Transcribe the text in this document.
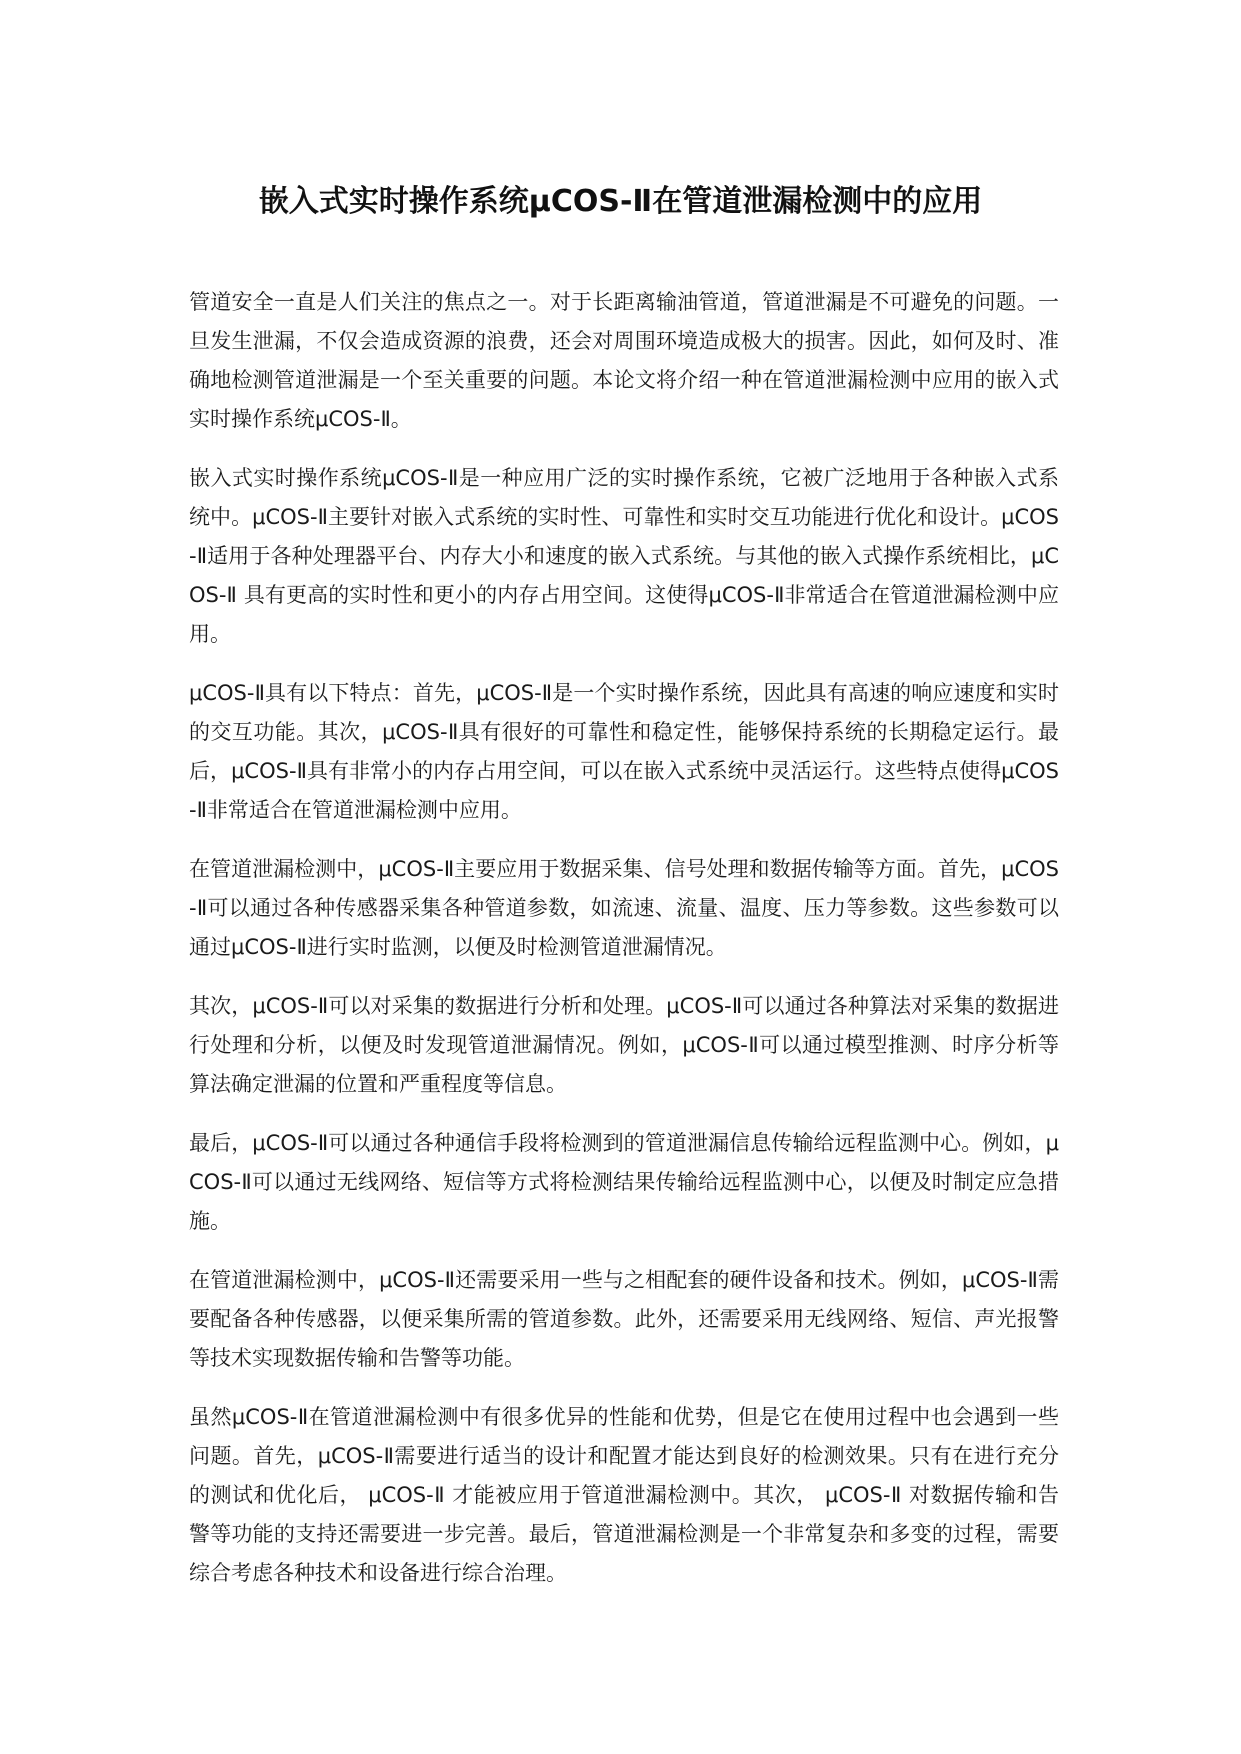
嵌入式实时操作系统μCOS-Ⅱ在管道泄漏检测中的应用

管道安全一直是人们关注的焦点之一。对于长距离输油管道，管道泄漏是不可避免的问题。一旦发生泄漏，不仅会造成资源的浪费，还会对周围环境造成极大的损害。因此，如何及时、准确地检测管道泄漏是一个至关重要的问题。本论文将介绍一种在管道泄漏检测中应用的嵌入式实时操作系统μCOS-Ⅱ。

嵌入式实时操作系统μCOS-Ⅱ是一种应用广泛的实时操作系统，它被广泛地用于各种嵌入式系统中。μCOS-Ⅱ主要针对嵌入式系统的实时性、可靠性和实时交互功能进行优化和设计。μCOS-Ⅱ适用于各种处理器平台、内存大小和速度的嵌入式系统。与其他的嵌入式操作系统相比，μCOS-Ⅱ 具有更高的实时性和更小的内存占用空间。这使得μCOS-Ⅱ非常适合在管道泄漏检测中应用。

μCOS-Ⅱ具有以下特点：首先，μCOS-Ⅱ是一个实时操作系统，因此具有高速的响应速度和实时的交互功能。其次，μCOS-Ⅱ具有很好的可靠性和稳定性，能够保持系统的长期稳定运行。最后，μCOS-Ⅱ具有非常小的内存占用空间，可以在嵌入式系统中灵活运行。这些特点使得μCOS-Ⅱ非常适合在管道泄漏检测中应用。

在管道泄漏检测中，μCOS-Ⅱ主要应用于数据采集、信号处理和数据传输等方面。首先，μCOS-Ⅱ可以通过各种传感器采集各种管道参数，如流速、流量、温度、压力等参数。这些参数可以通过μCOS-Ⅱ进行实时监测，以便及时检测管道泄漏情况。

其次，μCOS-Ⅱ可以对采集的数据进行分析和处理。μCOS-Ⅱ可以通过各种算法对采集的数据进行处理和分析，以便及时发现管道泄漏情况。例如，μCOS-Ⅱ可以通过模型推测、时序分析等算法确定泄漏的位置和严重程度等信息。

最后，μCOS-Ⅱ可以通过各种通信手段将检测到的管道泄漏信息传输给远程监测中心。例如，μCOS-Ⅱ可以通过无线网络、短信等方式将检测结果传输给远程监测中心，以便及时制定应急措施。

在管道泄漏检测中，μCOS-Ⅱ还需要采用一些与之相配套的硬件设备和技术。例如，μCOS-Ⅱ需要配备各种传感器，以便采集所需的管道参数。此外，还需要采用无线网络、短信、声光报警等技术实现数据传输和告警等功能。

虽然μCOS-Ⅱ在管道泄漏检测中有很多优异的性能和优势，但是它在使用过程中也会遇到一些问题。首先，μCOS-Ⅱ需要进行适当的设计和配置才能达到良好的检测效果。只有在进行充分的测试和优化后， μCOS-Ⅱ 才能被应用于管道泄漏检测中。其次， μCOS-Ⅱ 对数据传输和告警等功能的支持还需要进一步完善。最后，管道泄漏检测是一个非常复杂和多变的过程，需要综合考虑各种技术和设备进行综合治理。
